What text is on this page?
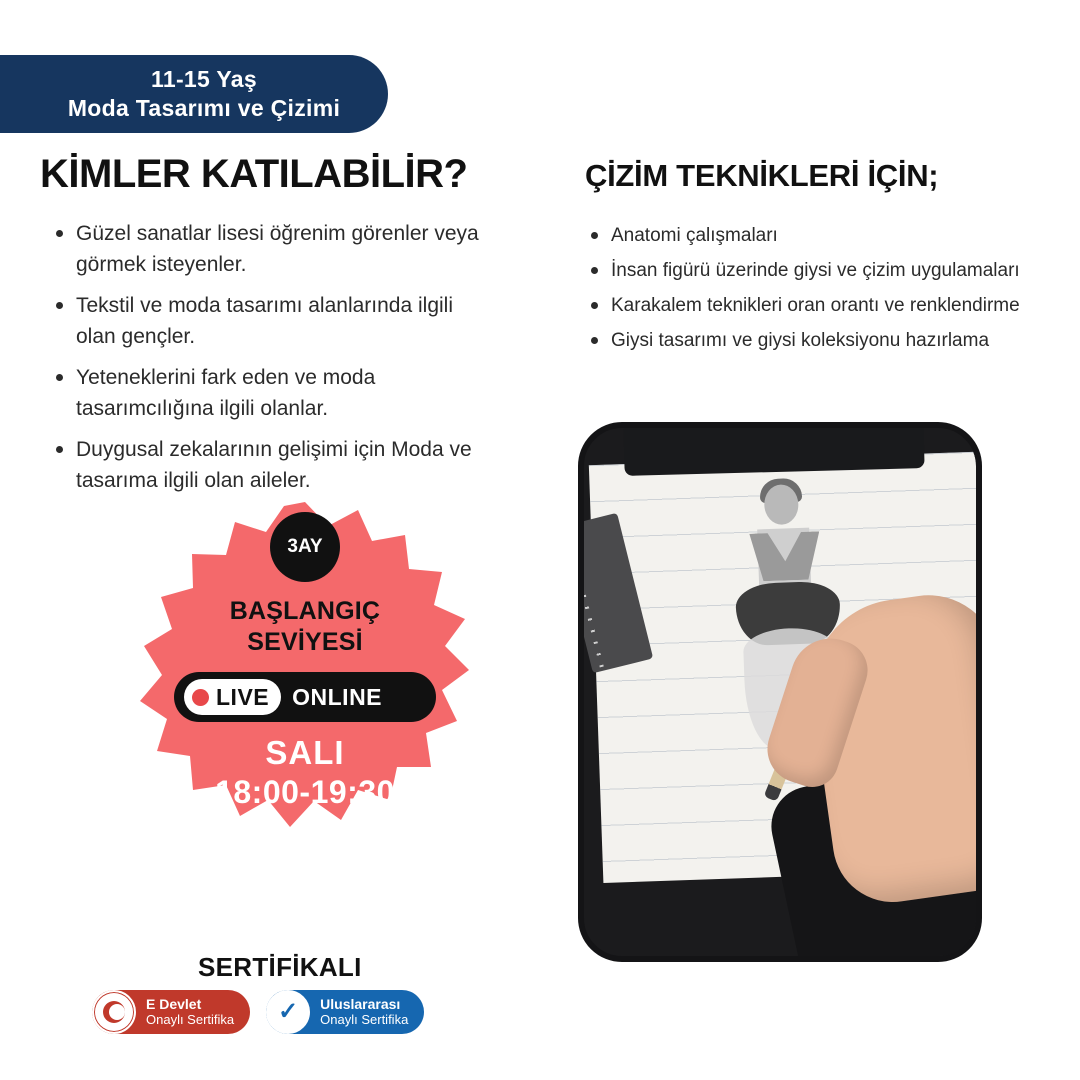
11-15 Yaş
Moda Tasarımı ve Çizimi
KİMLER KATILABİLİR?
Güzel sanatlar lisesi öğrenim görenler veya görmek isteyenler.
Tekstil ve moda tasarımı alanlarında ilgili olan gençler.
Yeteneklerini fark eden ve moda tasarımcılığına ilgili olanlar.
Duygusal zekalarının gelişimi için Moda ve tasarıma ilgili olan aileler.
ÇİZİM TEKNİKLERİ İÇİN;
Anatomi çalışmaları
İnsan figürü üzerinde giysi ve çizim uygulamaları
Karakalem teknikleri oran orantı ve renklendirme
Giysi tasarımı ve giysi koleksiyonu hazırlama
3AY
BAŞLANGIÇ
SEVİYESİ
LIVE ONLINE
SALI
18:00-19:30
SERTİFİKALI
E Devlet
Onaylı Sertifika ✓ Uluslararası
Onaylı Sertifika
